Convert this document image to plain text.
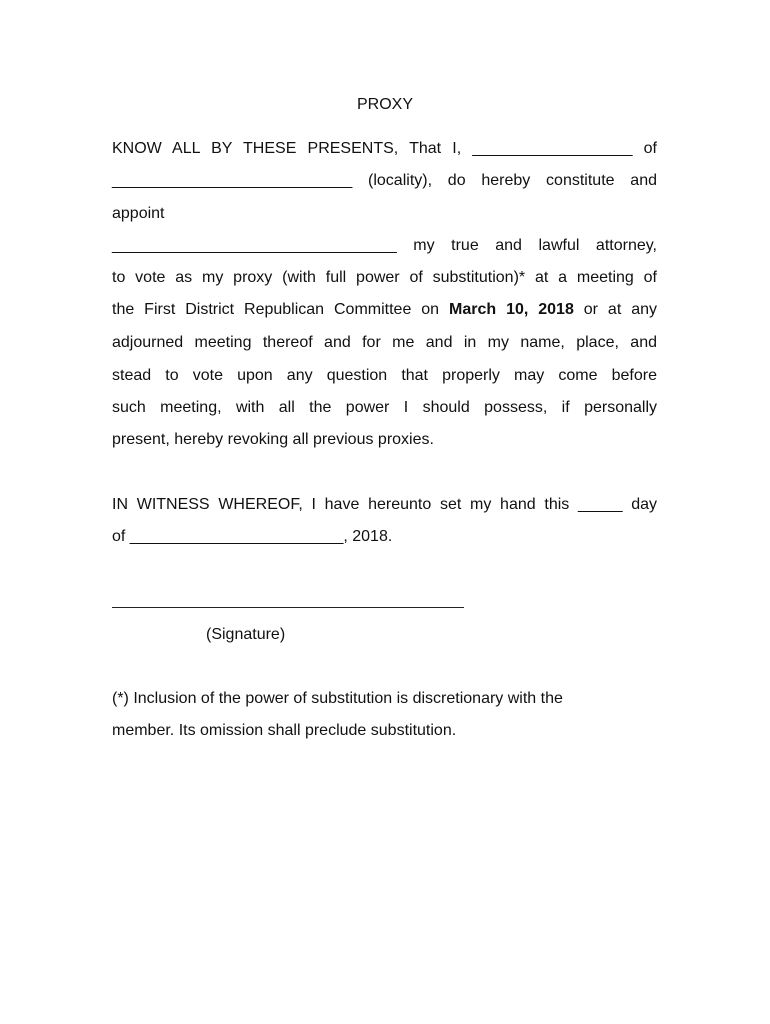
PROXY
KNOW ALL BY THESE PRESENTS, That I, __________________ of
___________________________ (locality), do hereby constitute and
appoint
________________________________ my true and lawful attorney,
to vote as my proxy (with full power of substitution)* at a meeting of
the First District Republican Committee on March 10, 2018 or at any
adjourned meeting thereof and for me and in my name, place, and
stead to vote upon any question that properly may come before
such meeting, with all the power I should possess, if personally
present, hereby revoking all previous proxies.
IN WITNESS WHEREOF, I have hereunto set my hand this _____ day
of ________________________, 2018.
(Signature)
(*) Inclusion of the power of substitution is discretionary with the
member. Its omission shall preclude substitution.
